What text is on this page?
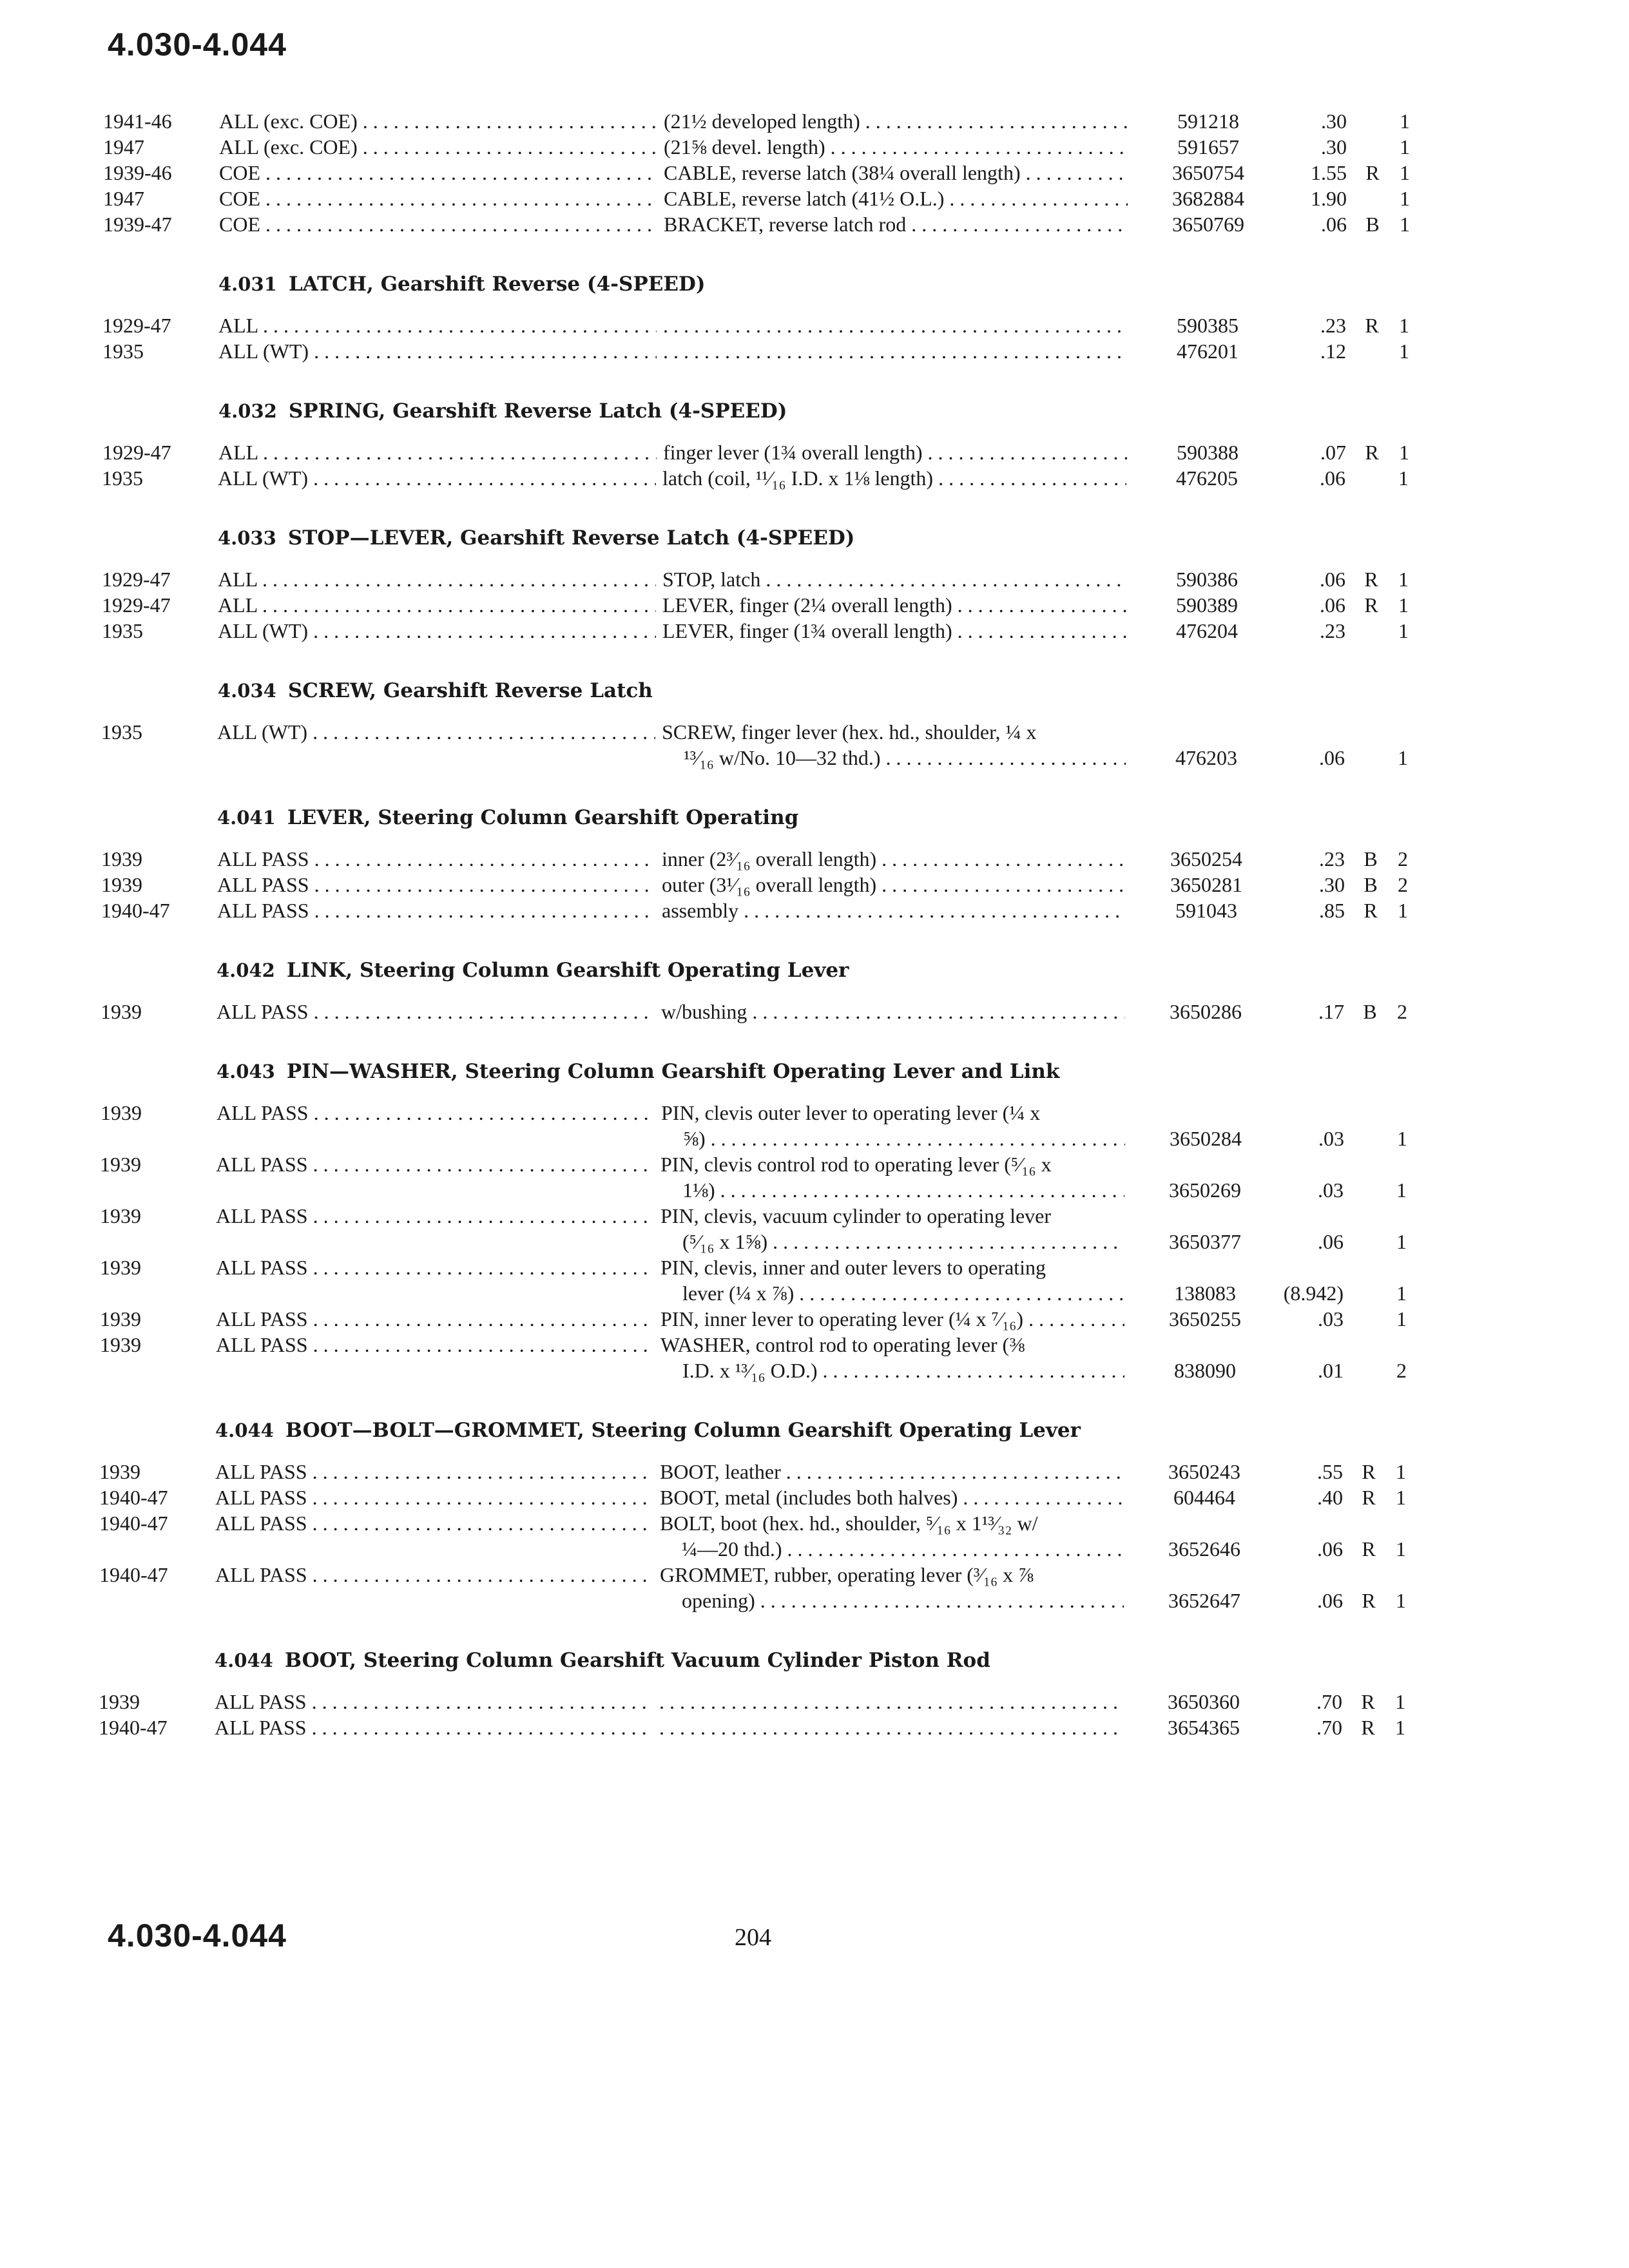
4.030-4.044
1941-46	ALL (exc. COE) . . .	(21½ developed length) . . .	591218	.30	1
1947	ALL (exc. COE) . . .	(21⅝ devel. length) . . .	591657	.30	1
1939-46	COE . . .	CABLE, reverse latch (38¼ overall length) . . .	3650754	1.55 R 1
1947	COE . . .	CABLE, reverse latch (41½ O.L.) . . .	3682884	1.90	1
1939-47	COE . . .	BRACKET, reverse latch rod . . .	3650769	.06 B 1
4.031 LATCH, Gearshift Reverse (4-SPEED)
1929-47	ALL . . . . . .	590385	.23 R 1
1935	ALL (WT) . . . . . .	476201	.12	1
4.032 SPRING, Gearshift Reverse Latch (4-SPEED)
1929-47	ALL . . .	finger lever (1¾ overall length) . . .	590388	.07 R 1
1935	ALL (WT) . . .	latch (coil, ¹¹⁄₁₆ I.D. x 1⅛ length) . . .	476205	.06	1
4.033 STOP—LEVER, Gearshift Reverse Latch (4-SPEED)
1929-47	ALL . . .	STOP, latch . . .	590386	.06 R 1
1929-47	ALL . . .	LEVER, finger (2¼ overall length) . . .	590389	.06 R 1
1935	ALL (WT) . . .	LEVER, finger (1¾ overall length) . . .	476204	.23	1
4.034 SCREW, Gearshift Reverse Latch
1935	ALL (WT) . . .	SCREW, finger lever (hex. hd., shoulder, ¼ x
¹³⁄₁₆ w/No. 10—32 thd.) . . .	476203	.06	1
4.041 LEVER, Steering Column Gearshift Operating
1939	ALL PASS . . .	inner (2³⁄₁₆ overall length) . . .	3650254	.23 B 2
1939	ALL PASS . . .	outer (3¹⁄₁₆ overall length) . . .	3650281	.30 B 2
1940-47	ALL PASS . . .	assembly . . .	591043	.85 R 1
4.042 LINK, Steering Column Gearshift Operating Lever
1939	ALL PASS . . .	w/bushing . . .	3650286	.17 B 2
4.043 PIN—WASHER, Steering Column Gearshift Operating Lever and Link
1939	ALL PASS . . .	PIN, clevis outer lever to operating lever (¼ x
⅝) . . .	3650284	.03	1
1939	ALL PASS . . .	PIN, clevis control rod to operating lever (⁵⁄₁₆ x
1⅛) . . .	3650269	.03	1
1939	ALL PASS . . .	PIN, clevis, vacuum cylinder to operating lever
(⁵⁄₁₆ x 1⅝) . . .	3650377	.06	1
1939	ALL PASS . . .	PIN, clevis, inner and outer levers to operating
lever (¼ x ⅞) . . .	138083	(8.942)	1
1939	ALL PASS . . .	PIN, inner lever to operating lever (¼ x ⁷⁄₁₆) . . .	3650255	.03	1
1939	ALL PASS . . .	WASHER, control rod to operating lever (⅜
I.D. x ¹³⁄₁₆ O.D.) . . .	838090	.01	2
4.044 BOOT—BOLT—GROMMET, Steering Column Gearshift Operating Lever
1939	ALL PASS . . .	BOOT, leather . . .	3650243	.55 R 1
1940-47	ALL PASS . . .	BOOT, metal (includes both halves) . . .	604464	.40 R 1
1940-47	ALL PASS . . .	BOLT, boot (hex. hd., shoulder, ⁵⁄₁₆ x 1¹³⁄₃₂ w/
¼—20 thd.) . . .	3652646	.06 R 1
1940-47	ALL PASS . . .	GROMMET, rubber, operating lever (³⁄₁₆ x ⅞
opening) . . .	3652647	.06 R 1
4.044 BOOT, Steering Column Gearshift Vacuum Cylinder Piston Rod
1939	ALL PASS . . . . . .	3650360	.70 R 1
1940-47	ALL PASS . . . . . .	3654365	.70 R 1
4.030-4.044	204
